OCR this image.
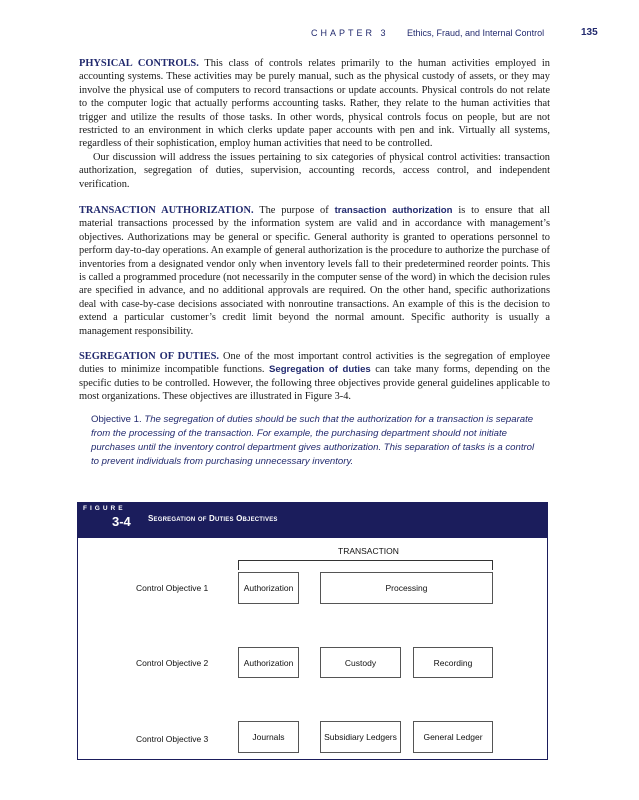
CHAPTER 3 Ethics, Fraud, and Internal Control	135

PHYSICAL CONTROLS. This class of controls relates primarily to the human activities employed in accounting systems. These activities may be purely manual, such as the physical custody of assets, or they may involve the physical use of computers to record transactions or update accounts. Physical controls do not relate to the computer logic that actually performs accounting tasks. Rather, they relate to the human activities that trigger and utilize the results of those tasks. In other words, physical controls focus on people, but are not restricted to an environment in which clerks update paper accounts with pen and ink. Virtually all systems, regardless of their sophistication, employ human activities that need to be controlled.

Our discussion will address the issues pertaining to six categories of physical control activities: transaction authorization, segregation of duties, supervision, accounting records, access control, and independent verification.

TRANSACTION AUTHORIZATION. The purpose of transaction authorization is to ensure that all material transactions processed by the information system are valid and in accordance with management’s objectives. Authorizations may be general or specific. General authority is granted to operations personnel to perform day-to-day operations. An example of general authorization is the procedure to authorize the purchase of inventories from a designated vendor only when inventory levels fall to their predetermined reorder points. This is called a programmed procedure (not necessarily in the computer sense of the word) in which the decision rules are specified in advance, and no additional approvals are required. On the other hand, specific authorizations deal with case-by-case decisions associated with nonroutine transactions. An example of this is the decision to extend a particular customer’s credit limit beyond the normal amount. Specific authority is usually a management responsibility.

SEGREGATION OF DUTIES. One of the most important control activities is the segregation of employee duties to minimize incompatible functions. Segregation of duties can take many forms, depending on the specific duties to be controlled. However, the following three objectives provide general guidelines applicable to most organizations. These objectives are illustrated in Figure 3-4.

Objective 1. The segregation of duties should be such that the authorization for a transaction is separate from the processing of the transaction. For example, the purchasing department should not initiate purchases until the inventory control department gives authorization. This separation of tasks is a control to prevent individuals from purchasing unnecessary inventory.
FIGURE
3-4 Segregation of Duties Objectives
TRANSACTION
Control Objective 1	Authorization	Processing
Control Objective 2	Authorization	Custody	Recording
Control Objective 3	Journals	Subsidiary Ledgers	General Ledger
